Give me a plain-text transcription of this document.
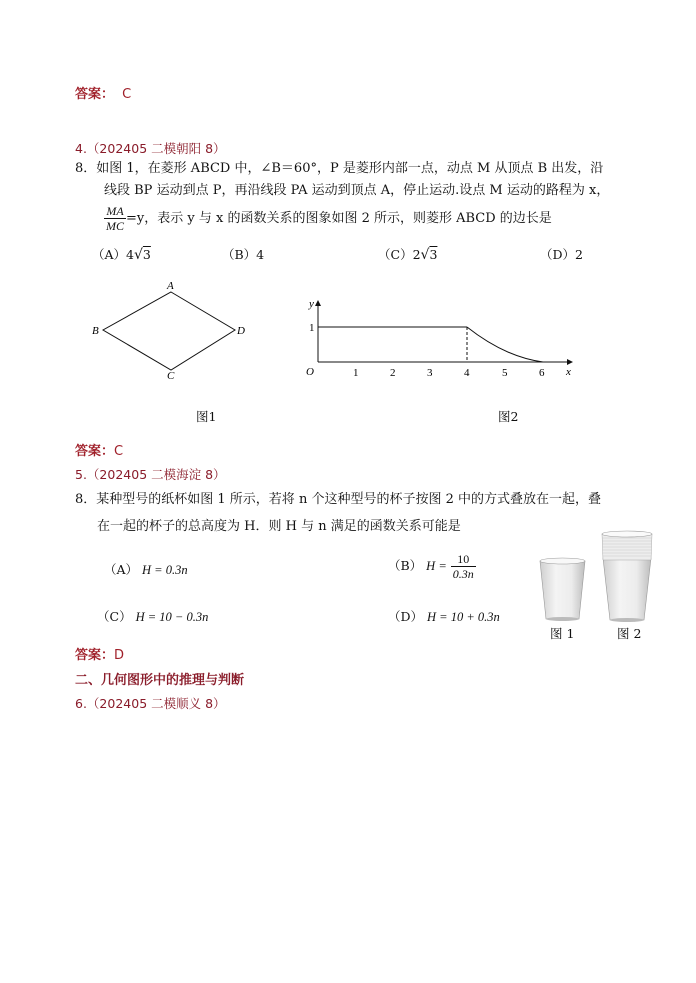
答案： C
4.（202405 二模朝阳 8）
8．如图 1，在菱形 ABCD 中，∠B＝60°，P 是菱形内部一点，动点 M 从顶点 B 出发，沿
线段 BP 运动到点 P，再沿线段 PA 运动到顶点 A，停止运动.设点 M 运动的路程为 x，
$\frac{MA}{MC} =y$，表示 y 与 x 的函数关系的图象如图 2 所示，则菱形 ABCD 的边长是
（A）4√3	（B）4	（C）2√3	（D）2
A
B	D
C
图1
y
x
O
1
1	2	3	4	5	6
图2
答案：C
5.（202405 二模海淀 8）
8．某种型号的纸杯如图 1 所示，若将 n 个这种型号的杯子按图 2 中的方式叠放在一起，叠
在一起的杯子的总高度为 H．则 H 与 n 满足的函数关系可能是
（A） H = 0.3n	（B） $H = \frac{10}{0.3n}$
（C） H = 10 − 0.3n	（D） H = 10 + 0.3n
图 1	图 2
答案：D
二、几何图形中的推理与判断
6.（202405 二模顺义 8）
